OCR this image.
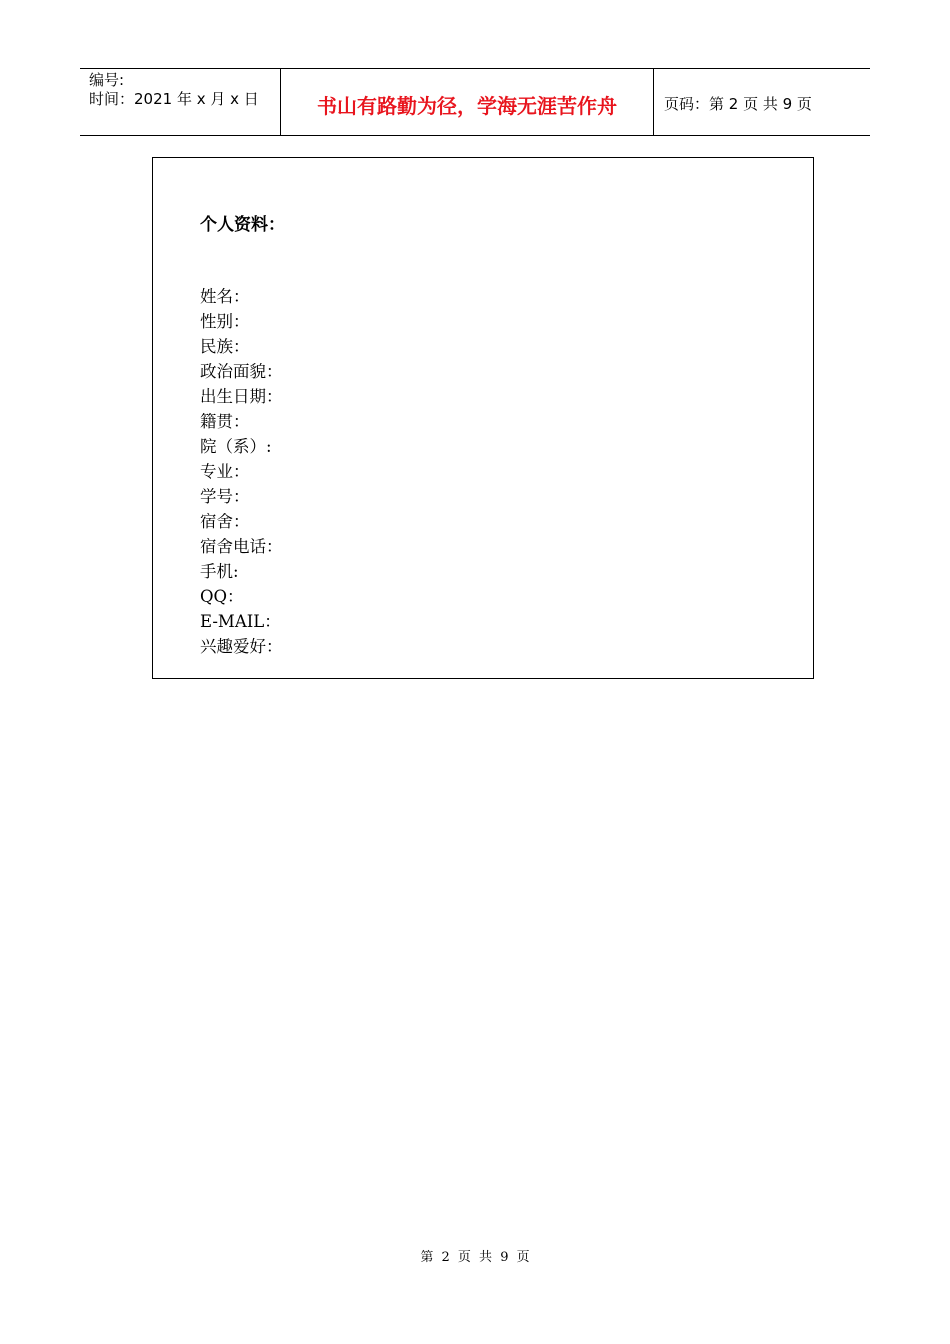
编号:
时间：2021 年 x 月 x 日	书山有路勤为径，学海无涯苦作舟	页码：第 2 页 共 9 页
个人资料：
姓名：
性别：
民族：
政治面貌：
出生日期：
籍贯：
院（系）:
专业：
学号：
宿舍：
宿舍电话：
手机:
QQ：
E-MAIL：
兴趣爱好：
第 2 页 共 9 页
